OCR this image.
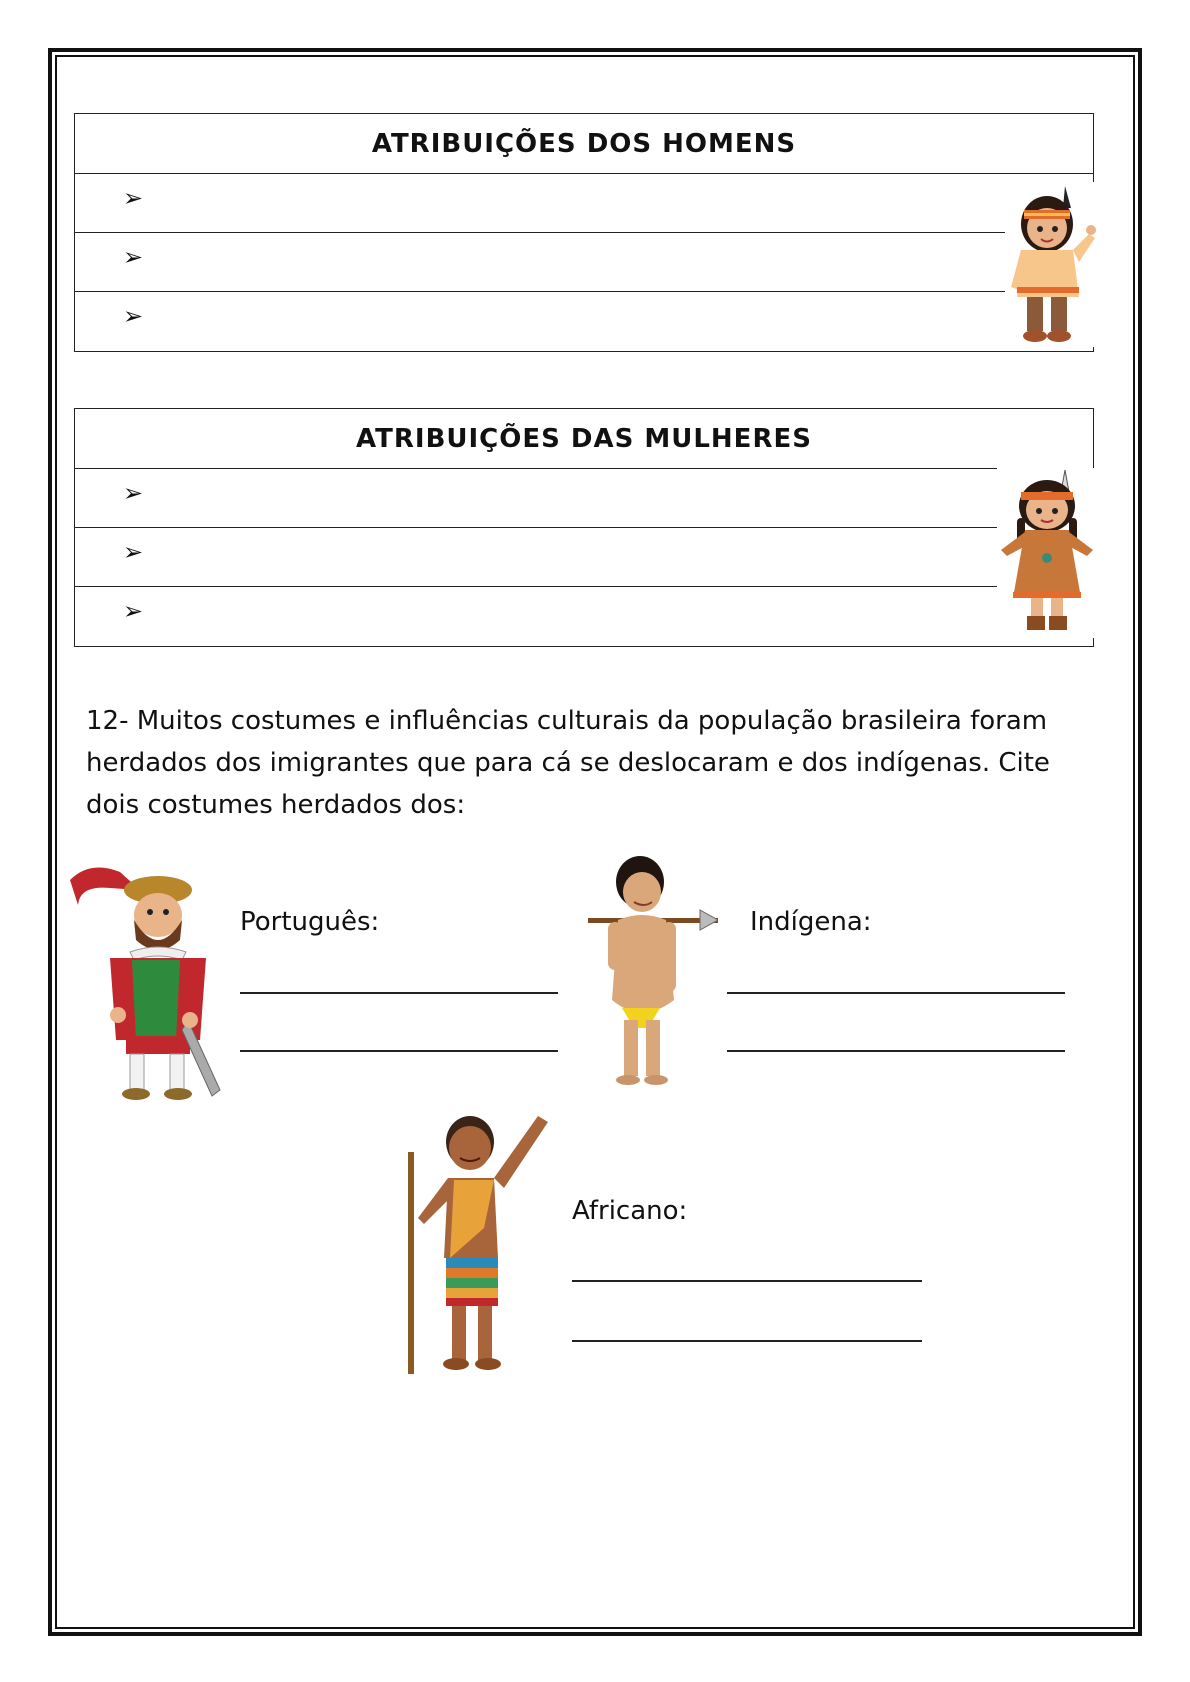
ATRIBUIÇÕES DOS HOMENS
➢
➢
➢
ATRIBUIÇÕES DAS MULHERES
➢
➢
➢
12- Muitos costumes e influências culturais da população brasileira foram herdados dos imigrantes que para cá se deslocaram e dos indígenas. Cite dois costumes herdados dos:
Português:	Indígena:
Africano:
